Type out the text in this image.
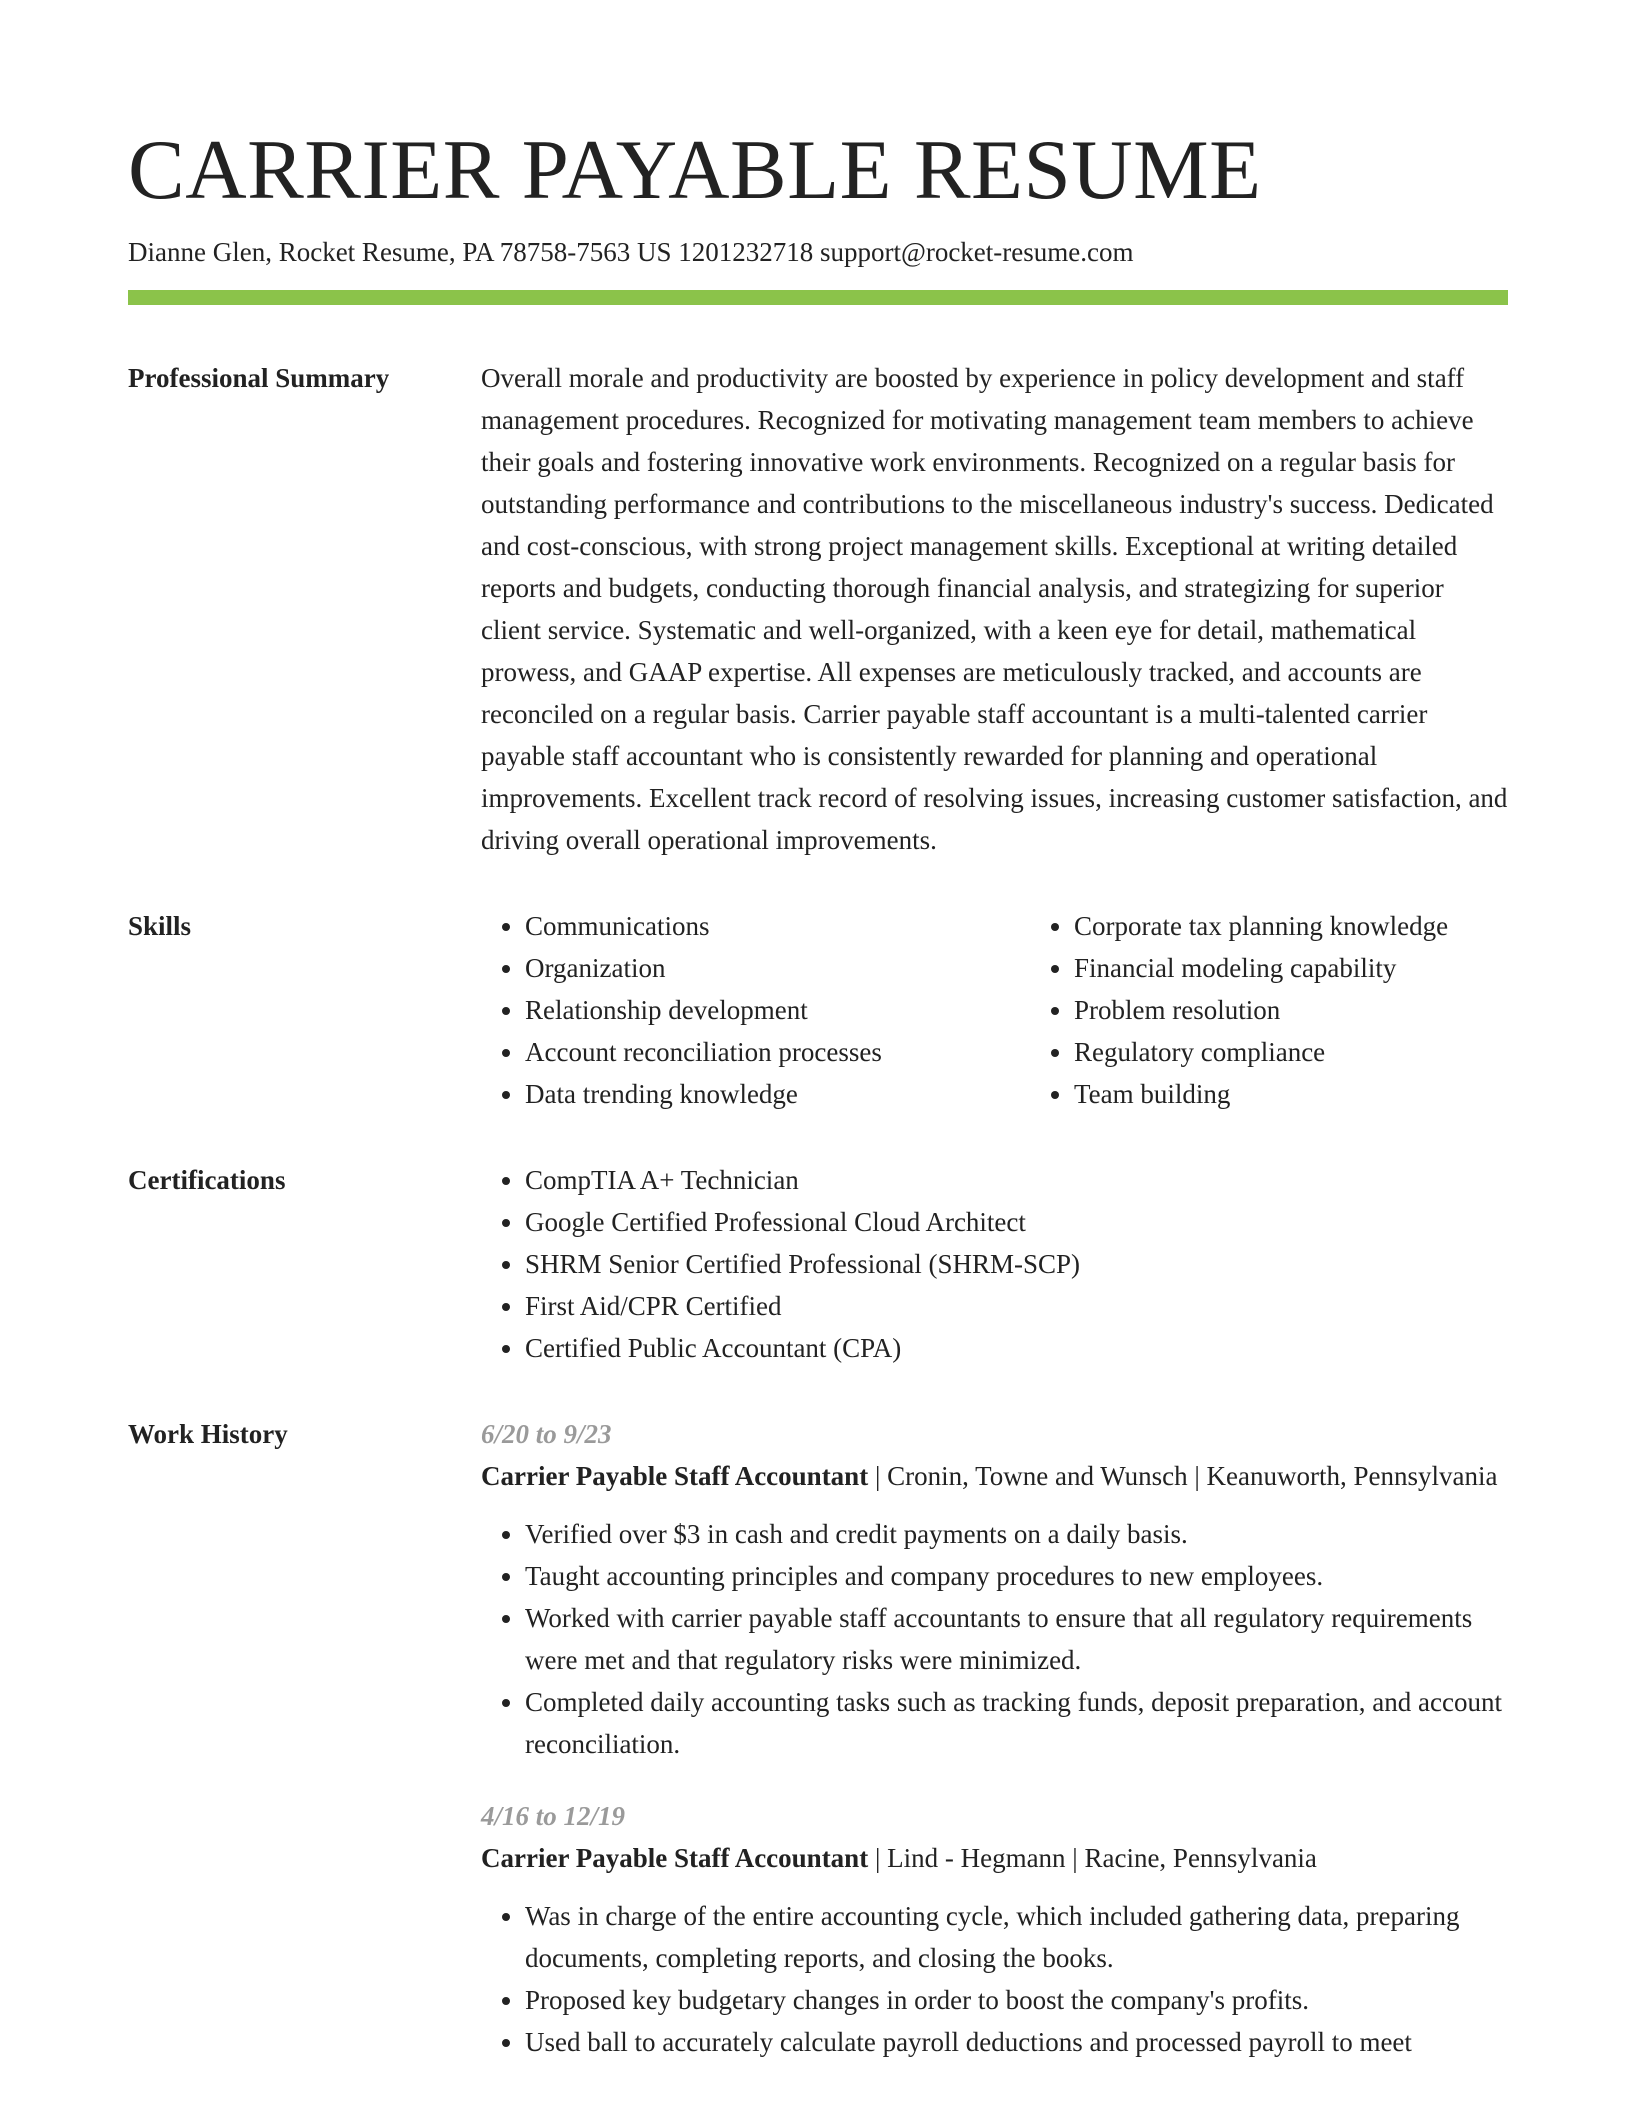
CARRIER PAYABLE RESUME
Dianne Glen, Rocket Resume, PA 78758-7563 US 1201232718 support@rocket-resume.com
Professional Summary	Overall morale and productivity are boosted by experience in policy development and staff management procedures. Recognized for motivating management team members to achieve their goals and fostering innovative work environments. Recognized on a regular basis for outstanding performance and contributions to the miscellaneous industry's success. Dedicated and cost-conscious, with strong project management skills. Exceptional at writing detailed reports and budgets, conducting thorough financial analysis, and strategizing for superior client service. Systematic and well-organized, with a keen eye for detail, mathematical prowess, and GAAP expertise. All expenses are meticulously tracked, and accounts are reconciled on a regular basis. Carrier payable staff accountant is a multi-talented carrier payable staff accountant who is consistently rewarded for planning and operational improvements. Excellent track record of resolving issues, increasing customer satisfaction, and driving overall operational improvements.

Skills	• Communications
• Organization
• Relationship development
• Account reconciliation processes
• Data trending knowledge
• Corporate tax planning knowledge
• Financial modeling capability
• Problem resolution
• Regulatory compliance
• Team building
Certifications	• CompTIA A+ Technician
• Google Certified Professional Cloud Architect
• SHRM Senior Certified Professional (SHRM-SCP)
• First Aid/CPR Certified
• Certified Public Accountant (CPA)
Work History	6/20 to 9/23
Carrier Payable Staff Accountant | Cronin, Towne and Wunsch | Keanuworth, Pennsylvania
• Verified over $3 in cash and credit payments on a daily basis.
• Taught accounting principles and company procedures to new employees.
• Worked with carrier payable staff accountants to ensure that all regulatory requirements were met and that regulatory risks were minimized.
• Completed daily accounting tasks such as tracking funds, deposit preparation, and account reconciliation.
4/16 to 12/19
Carrier Payable Staff Accountant | Lind - Hegmann | Racine, Pennsylvania
• Was in charge of the entire accounting cycle, which included gathering data, preparing documents, completing reports, and closing the books.
• Proposed key budgetary changes in order to boost the company's profits.
• Used ball to accurately calculate payroll deductions and processed payroll to meet
